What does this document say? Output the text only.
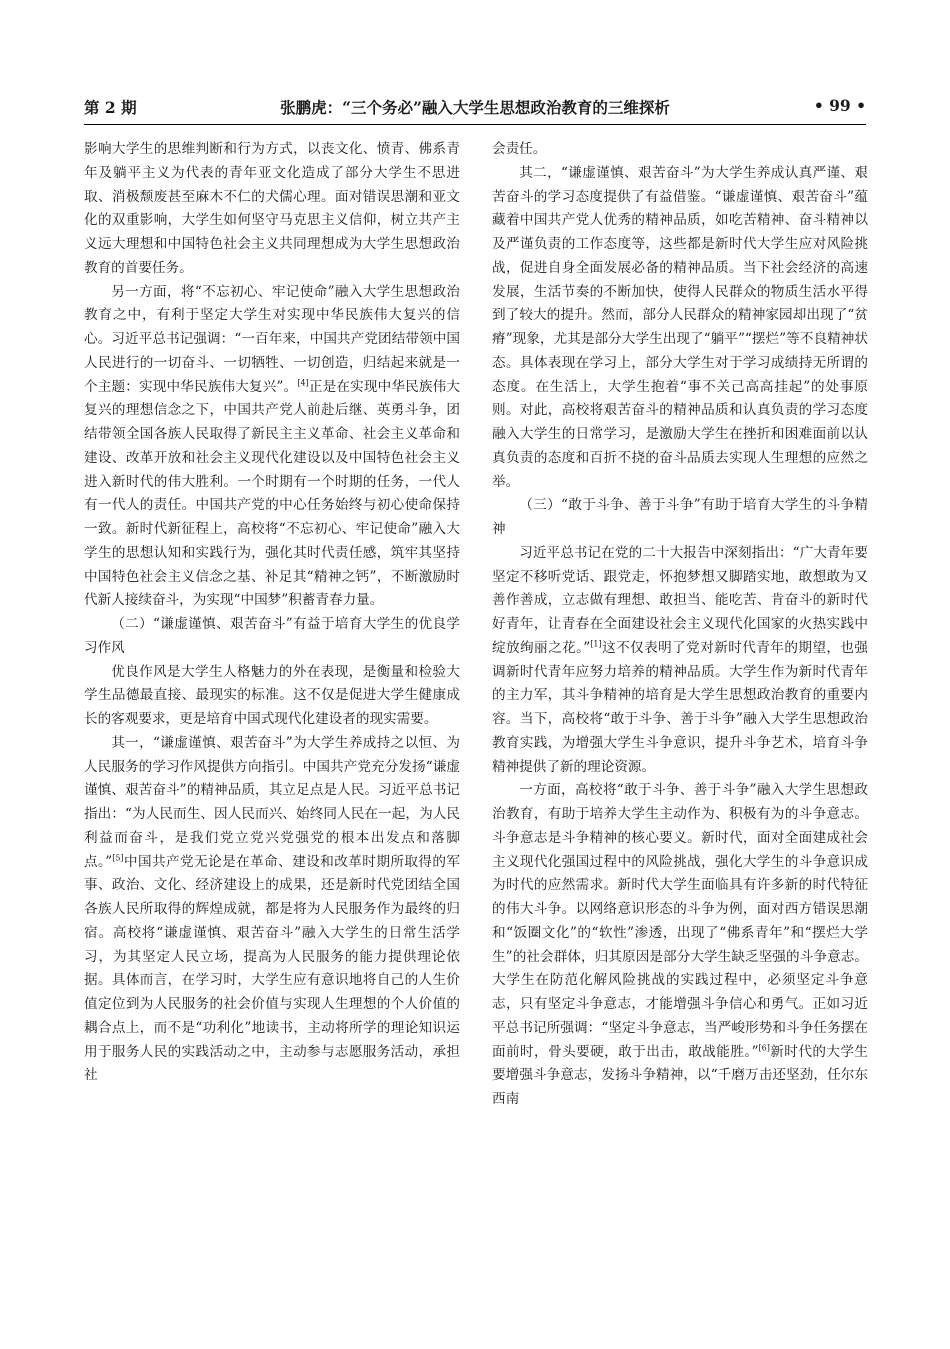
第 2 期	张鹏虎：“三个务必”融入大学生思想政治教育的三维探析	• 99 •

影响大学生的思维判断和行为方式，以丧文化、愤青、佛系青年及躺平主义为代表的青年亚文化造成了部分大学生不思进取、消极颓废甚至麻木不仁的犬儒心理。面对错误思潮和亚文化的双重影响，大学生如何坚守马克思主义信仰，树立共产主义远大理想和中国特色社会主义共同理想成为大学生思想政治教育的首要任务。

另一方面，将“不忘初心、牢记使命”融入大学生思想政治教育之中，有利于坚定大学生对实现中华民族伟大复兴的信心。习近平总书记强调：“一百年来，中国共产党团结带领中国人民进行的一切奋斗、一切牺牲、一切创造，归结起来就是一个主题：实现中华民族伟大复兴”。[4]正是在实现中华民族伟大复兴的理想信念之下，中国共产党人前赴后继、英勇斗争，团结带领全国各族人民取得了新民主主义革命、社会主义革命和建设、改革开放和社会主义现代化建设以及中国特色社会主义进入新时代的伟大胜利。一个时期有一个时期的任务，一代人有一代人的责任。中国共产党的中心任务始终与初心使命保持一致。新时代新征程上，高校将“不忘初心、牢记使命”融入大学生的思想认知和实践行为，强化其时代责任感，筑牢其坚持中国特色社会主义信念之基、补足其“精神之钙”，不断激励时代新人接续奋斗，为实现“中国梦”积蓄青春力量。

（二）“谦虚谨慎、艰苦奋斗”有益于培育大学生的优良学习作风

优良作风是大学生人格魅力的外在表现，是衡量和检验大学生品德最直接、最现实的标准。这不仅是促进大学生健康成长的客观要求，更是培育中国式现代化建设者的现实需要。

其一，“谦虚谨慎、艰苦奋斗”为大学生养成持之以恒、为人民服务的学习作风提供方向指引。中国共产党充分发扬“谦虚谨慎、艰苦奋斗”的精神品质，其立足点是人民。习近平总书记指出：“为人民而生、因人民而兴、始终同人民在一起，为人民利益而奋斗，是我们党立党兴党强党的根本出发点和落脚点。”[5]中国共产党无论是在革命、建设和改革时期所取得的军事、政治、文化、经济建设上的成果，还是新时代党团结全国各族人民所取得的辉煌成就，都是将为人民服务作为最终的归宿。高校将“谦虚谨慎、艰苦奋斗”融入大学生的日常生活学习，为其坚定人民立场，提高为人民服务的能力提供理论依据。具体而言，在学习时，大学生应有意识地将自己的人生价值定位到为人民服务的社会价值与实现人生理想的个人价值的耦合点上，而不是“功利化”地读书，主动将所学的理论知识运用于服务人民的实践活动之中，主动参与志愿服务活动，承担社

会责任。

其二，“谦虚谨慎、艰苦奋斗”为大学生养成认真严谨、艰苦奋斗的学习态度提供了有益借鉴。“谦虚谨慎、艰苦奋斗”蕴藏着中国共产党人优秀的精神品质，如吃苦精神、奋斗精神以及严谨负责的工作态度等，这些都是新时代大学生应对风险挑战，促进自身全面发展必备的精神品质。当下社会经济的高速发展，生活节奏的不断加快，使得人民群众的物质生活水平得到了较大的提升。然而，部分人民群众的精神家园却出现了“贫瘠”现象，尤其是部分大学生出现了“躺平”“摆烂”等不良精神状态。具体表现在学习上，部分大学生对于学习成绩持无所谓的态度。在生活上，大学生抱着“事不关己高高挂起”的处事原则。对此，高校将艰苦奋斗的精神品质和认真负责的学习态度融入大学生的日常学习，是激励大学生在挫折和困难面前以认真负责的态度和百折不挠的奋斗品质去实现人生理想的应然之举。

（三）“敢于斗争、善于斗争”有助于培育大学生的斗争精神

习近平总书记在党的二十大报告中深刻指出：“广大青年要坚定不移听党话、跟党走，怀抱梦想又脚踏实地，敢想敢为又善作善成，立志做有理想、敢担当、能吃苦、肯奋斗的新时代好青年，让青春在全面建设社会主义现代化国家的火热实践中绽放绚丽之花。”[1]这不仅表明了党对新时代青年的期望，也强调新时代青年应努力培养的精神品质。大学生作为新时代青年的主力军，其斗争精神的培育是大学生思想政治教育的重要内容。当下，高校将“敢于斗争、善于斗争”融入大学生思想政治教育实践，为增强大学生斗争意识，提升斗争艺术，培育斗争精神提供了新的理论资源。

一方面，高校将“敢于斗争、善于斗争”融入大学生思想政治教育，有助于培养大学生主动作为、积极有为的斗争意志。斗争意志是斗争精神的核心要义。新时代，面对全面建成社会主义现代化强国过程中的风险挑战，强化大学生的斗争意识成为时代的应然需求。新时代大学生面临具有许多新的时代特征的伟大斗争。以网络意识形态的斗争为例，面对西方错误思潮和“饭圈文化”的“软性”渗透，出现了“佛系青年”和“摆烂大学生”的社会群体，归其原因是部分大学生缺乏坚强的斗争意志。大学生在防范化解风险挑战的实践过程中，必须坚定斗争意志，只有坚定斗争意志，才能增强斗争信心和勇气。正如习近平总书记所强调：“坚定斗争意志，当严峻形势和斗争任务摆在面前时，骨头要硬，敢于出击，敢战能胜。”[6]新时代的大学生要增强斗争意志，发扬斗争精神，以“千磨万击还坚劲，任尔东西南
